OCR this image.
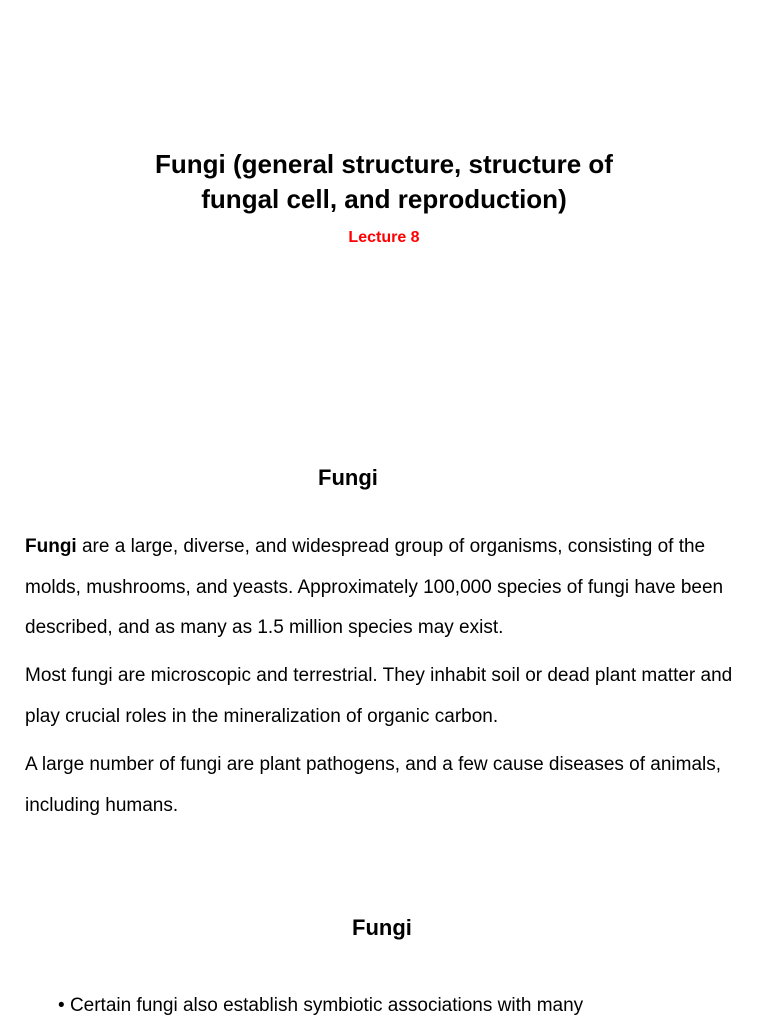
Fungi (general structure, structure of
fungal cell, and reproduction)
Lecture 8
Fungi
Fungi are a large, diverse, and widespread group of organisms, consisting of the molds, mushrooms, and yeasts. Approximately 100,000 species of fungi have been described, and as many as 1.5 million species may exist.
Most fungi are microscopic and terrestrial. They inhabit soil or dead plant matter and play crucial roles in the mineralization of organic carbon.
A large number of fungi are plant pathogens, and a few cause diseases of animals, including humans.
Fungi
• Certain fungi also establish symbiotic associations with many
